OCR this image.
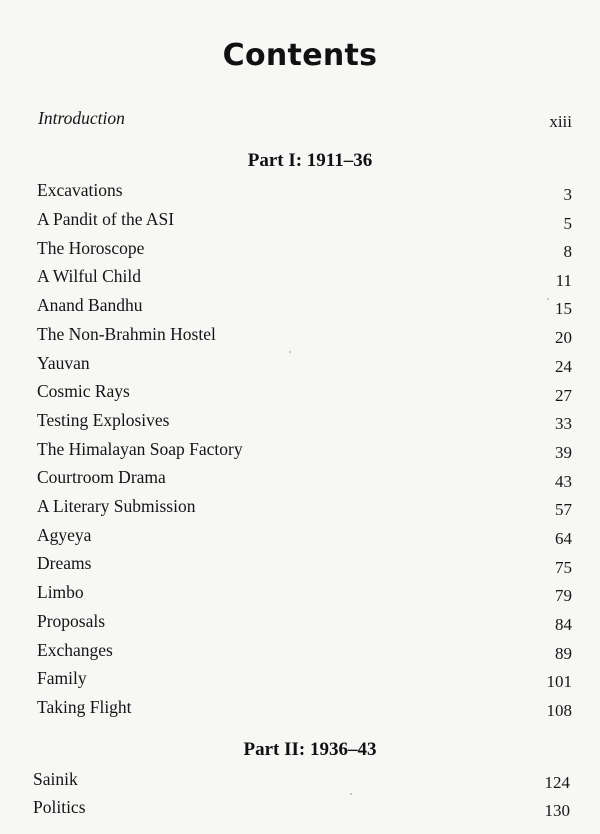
Contents
Introduction	xiii
Part I: 1911–36
Excavations	3
A Pandit of the ASI	5
The Horoscope	8
A Wilful Child	11
Anand Bandhu	15
The Non-Brahmin Hostel	20
Yauvan	24
Cosmic Rays	27
Testing Explosives	33
The Himalayan Soap Factory	39
Courtroom Drama	43
A Literary Submission	57
Agyeya	64
Dreams	75
Limbo	79
Proposals	84
Exchanges	89
Family	101
Taking Flight	108
Part II: 1936–43
Sainik	124
Politics	130
